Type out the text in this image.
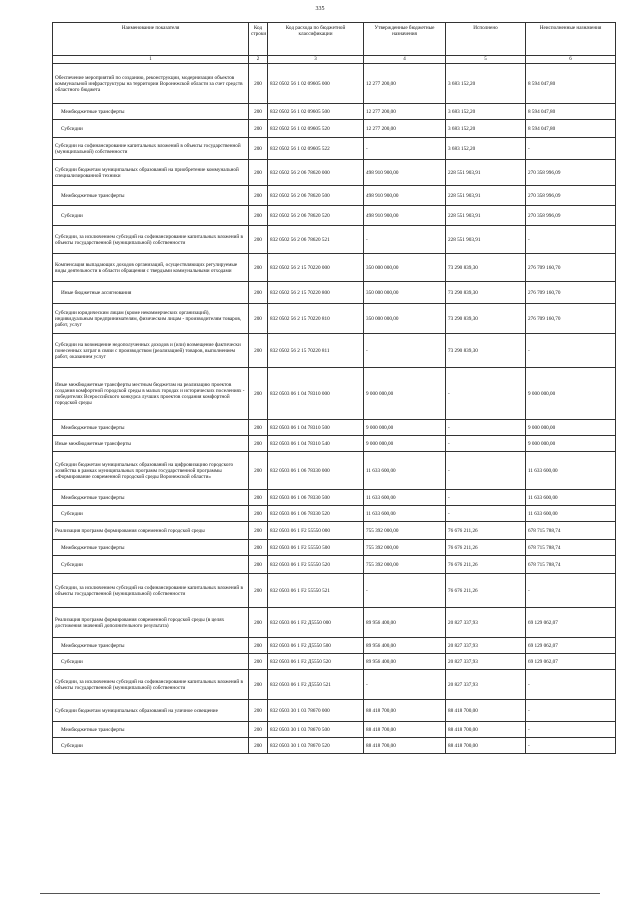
335
Наименование показателя	Код строки	Код расхода по бюджетной классификации	Утвержденные бюджетные назначения	Исполнено	Неисполненные назначения
1	2	3	4	5	6
Обеспечение мероприятий по созданию, реконструкции, модернизации объектов коммунальной инфраструктуры на территории Воронежской области за счет средств областного бюджета	200	832 0502 56 1 02 09605 000	12 277 200,00	3 683 152,20	8 594 047,80
Межбюджетные трансферты	200	832 0502 56 1 02 09605 500	12 277 200,00	3 683 152,20	8 594 047,80
Субсидии	200	832 0502 56 1 02 09605 520	12 277 200,00	3 683 152,20	8 594 047,80
Субсидии на софинансирование капитальных вложений в объекты государственной (муниципальной) собственности	200	832 0502 56 1 02 09605 522	-	3 683 152,20	-
Субсидии бюджетам муниципальных образований на приобретение коммунальной специализированной техники	200	832 0502 56 2 06 78620 000	498 910 900,00	228 551 903,91	270 358 996,09
Межбюджетные трансферты	200	832 0502 56 2 06 78620 500	498 910 900,00	228 551 903,91	270 358 996,09
Субсидии	200	832 0502 56 2 06 78620 520	498 910 900,00	228 551 903,91	270 358 996,09
Субсидии, за исключением субсидий на софинансирование капитальных вложений в объекты государственной (муниципальной) собственности	200	832 0502 56 2 06 78620 521	-	228 551 903,91	-
Компенсация выпадающих доходов организаций, осуществляющих регулируемые виды деятельности в области обращения с твердыми коммунальными отходами	200	832 0502 56 2 15 70220 000	350 000 000,00	73 290 839,30	276 709 160,70
Иные бюджетные ассигнования	200	832 0502 56 2 15 70220 800	350 000 000,00	73 290 839,30	276 709 160,70
Субсидии юридическим лицам (кроме некоммерческих организаций), индивидуальным предпринимателям, физическим лицам - производителям товаров, работ, услуг	200	832 0502 56 2 15 70220 810	350 000 000,00	73 290 839,30	276 709 160,70
Субсидии на возмещение недополученных доходов и (или) возмещение фактически понесенных затрат в связи с производством (реализацией) товаров, выполнением работ, оказанием услуг	200	832 0502 56 2 15 70220 811	-	73 290 839,30	-
Иные межбюджетные трансферты местным бюджетам на реализацию проектов создания комфортной городской среды в малых городах и исторических поселениях - победителях Всероссийского конкурса лучших проектов создания комфортной городской среды	200	832 0503 06 1 04 78310 000	9 000 000,00	-	9 000 000,00
Межбюджетные трансферты	200	832 0503 06 1 04 78310 500	9 000 000,00	-	9 000 000,00
Иные межбюджетные трансферты	200	832 0503 06 1 04 78310 540	9 000 000,00	-	9 000 000,00
Субсидии бюджетам муниципальных образований на цифровизацию городского хозяйства в рамках муниципальных программ государственной программы «Формирование современной городской среды Воронежской области»	200	832 0503 06 1 06 78330 000	11 633 600,00	-	11 633 600,00
Межбюджетные трансферты	200	832 0503 06 1 06 78330 500	11 633 600,00	-	11 633 600,00
Субсидии	200	832 0503 06 1 06 78330 520	11 633 600,00	-	11 633 600,00
Реализация программ формирования современной городской среды	200	832 0503 06 1 F2 55550 000	755 392 000,00	76 676 211,26	678 715 788,74
Межбюджетные трансферты	200	832 0503 06 1 F2 55550 500	755 392 000,00	76 676 211,26	678 715 788,74
Субсидии	200	832 0503 06 1 F2 55550 520	755 392 000,00	76 676 211,26	678 715 788,74
Субсидии, за исключением субсидий на софинансирование капитальных вложений в объекты государственной (муниципальной) собственности	200	832 0503 06 1 F2 55550 521	-	76 676 211,26	-
Реализация программ формирования современной городской среды (в целях достижения значений дополнительного результата)	200	832 0503 06 1 F2 Д5550 000	89 956 400,00	20 827 337,93	69 129 062,07
Межбюджетные трансферты	200	832 0503 06 1 F2 Д5550 500	89 956 400,00	20 827 337,93	69 129 062,07
Субсидии	200	832 0503 06 1 F2 Д5550 520	89 956 400,00	20 827 337,93	69 129 062,07
Субсидии, за исключением субсидий на софинансирование капитальных вложений в объекты государственной (муниципальной) собственности	200	832 0503 06 1 F2 Д5550 521	-	20 827 337,93	-
Субсидии бюджетам муниципальных образований на уличное освещение	200	832 0503 30 1 03 78670 000	88 418 700,00	88 418 700,00	-
Межбюджетные трансферты	200	832 0503 30 1 03 78670 500	88 418 700,00	88 418 700,00	-
Субсидии	200	832 0503 30 1 03 78670 520	88 418 700,00	88 418 700,00	-
